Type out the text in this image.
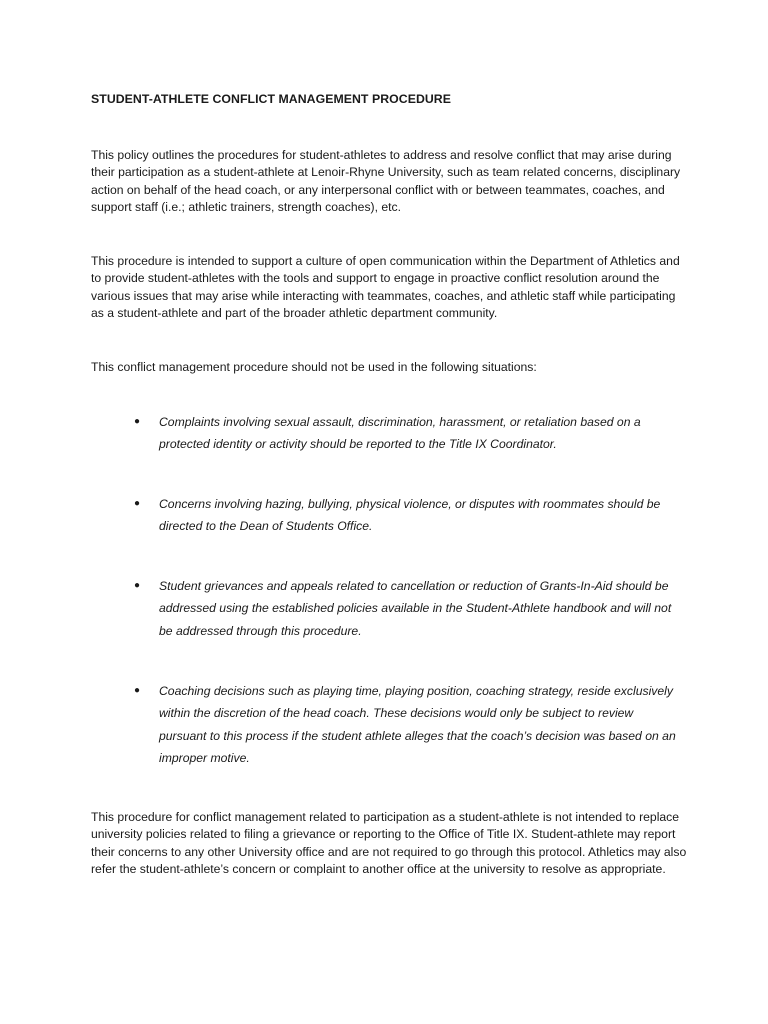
STUDENT-ATHLETE CONFLICT MANAGEMENT PROCEDURE

This policy outlines the procedures for student-athletes to address and resolve conflict that may arise during their participation as a student-athlete at Lenoir-Rhyne University, such as team related concerns, disciplinary action on behalf of the head coach, or any interpersonal conflict with or between teammates, coaches, and support staff (i.e.; athletic trainers, strength coaches), etc.

This procedure is intended to support a culture of open communication within the Department of Athletics and to provide student-athletes with the tools and support to engage in proactive conflict resolution around the various issues that may arise while interacting with teammates, coaches, and athletic staff while participating as a student-athlete and part of the broader athletic department community.

This conflict management procedure should not be used in the following situations:

● Complaints involving sexual assault, discrimination, harassment, or retaliation based on a protected identity or activity should be reported to the Title IX Coordinator.
● Concerns involving hazing, bullying, physical violence, or disputes with roommates should be directed to the Dean of Students Office.
● Student grievances and appeals related to cancellation or reduction of Grants-In-Aid should be addressed using the established policies available in the Student-Athlete handbook and will not be addressed through this procedure.
● Coaching decisions such as playing time, playing position, coaching strategy, reside exclusively within the discretion of the head coach. These decisions would only be subject to review pursuant to this process if the student athlete alleges that the coach’s decision was based on an improper motive.

This procedure for conflict management related to participation as a student-athlete is not intended to replace university policies related to filing a grievance or reporting to the Office of Title IX. Student-athlete may report their concerns to any other University office and are not required to go through this protocol. Athletics may also refer the student-athlete’s concern or complaint to another office at the university to resolve as appropriate.
